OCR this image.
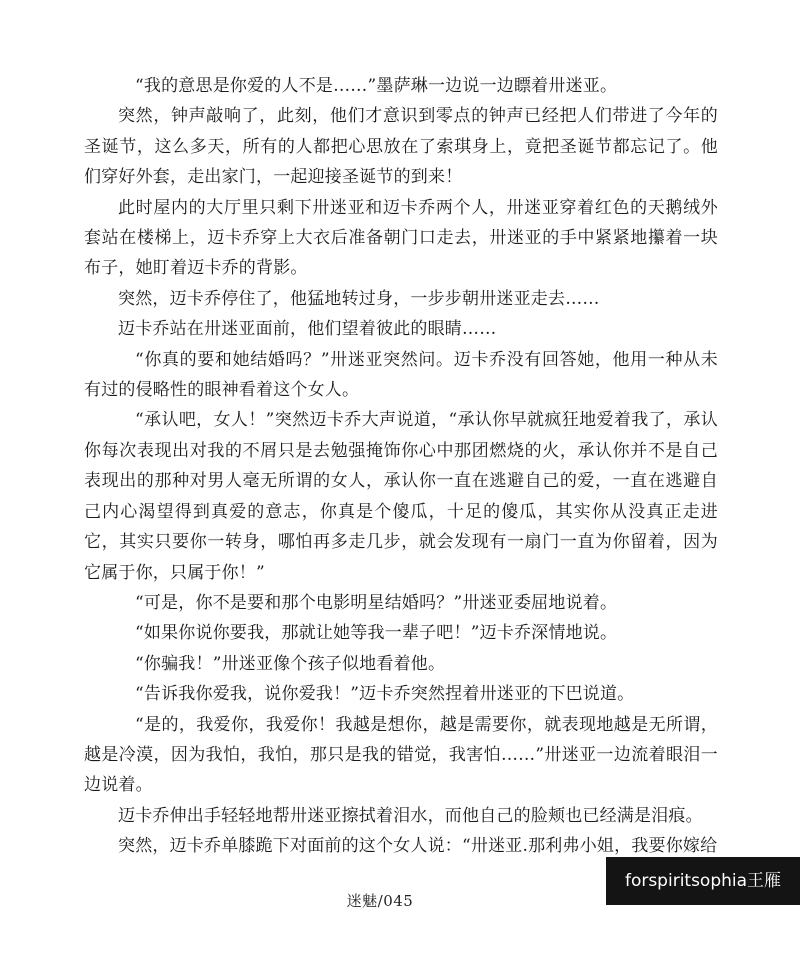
“我的意思是你爱的人不是……”墨萨琳一边说一边瞟着卅迷亚。

突然，钟声敲响了，此刻，他们才意识到零点的钟声已经把人们带进了今年的圣诞节，这么多天，所有的人都把心思放在了索琪身上，竟把圣诞节都忘记了。他们穿好外套，走出家门，一起迎接圣诞节的到来！

此时屋内的大厅里只剩下卅迷亚和迈卡乔两个人，卅迷亚穿着红色的天鹅绒外套站在楼梯上，迈卡乔穿上大衣后准备朝门口走去，卅迷亚的手中紧紧地攥着一块布子，她盯着迈卡乔的背影。

突然，迈卡乔停住了，他猛地转过身，一步步朝卅迷亚走去……

迈卡乔站在卅迷亚面前，他们望着彼此的眼睛……

“你真的要和她结婚吗？”卅迷亚突然问。迈卡乔没有回答她，他用一种从未有过的侵略性的眼神看着这个女人。

“承认吧，女人！”突然迈卡乔大声说道，“承认你早就疯狂地爱着我了，承认你每次表现出对我的不屑只是去勉强掩饰你心中那团燃烧的火，承认你并不是自己表现出的那种对男人毫无所谓的女人，承认你一直在逃避自己的爱，一直在逃避自己内心渴望得到真爱的意志，你真是个傻瓜，十足的傻瓜，其实你从没真正走进它，其实只要你一转身，哪怕再多走几步，就会发现有一扇门一直为你留着，因为它属于你，只属于你！”

“可是，你不是要和那个电影明星结婚吗？”卅迷亚委屈地说着。

“如果你说你要我，那就让她等我一辈子吧！”迈卡乔深情地说。

“你骗我！”卅迷亚像个孩子似地看着他。

“告诉我你爱我，说你爱我！”迈卡乔突然捏着卅迷亚的下巴说道。

“是的，我爱你，我爱你！我越是想你，越是需要你，就表现地越是无所谓，越是冷漠，因为我怕，我怕，那只是我的错觉，我害怕……”卅迷亚一边流着眼泪一边说着。

迈卡乔伸出手轻轻地帮卅迷亚擦拭着泪水，而他自己的脸颊也已经满是泪痕。

突然，迈卡乔单膝跪下对面前的这个女人说：“卅迷亚.那利弗小姐，我要你嫁给

迷魅/045
forspiritsophia王雁
